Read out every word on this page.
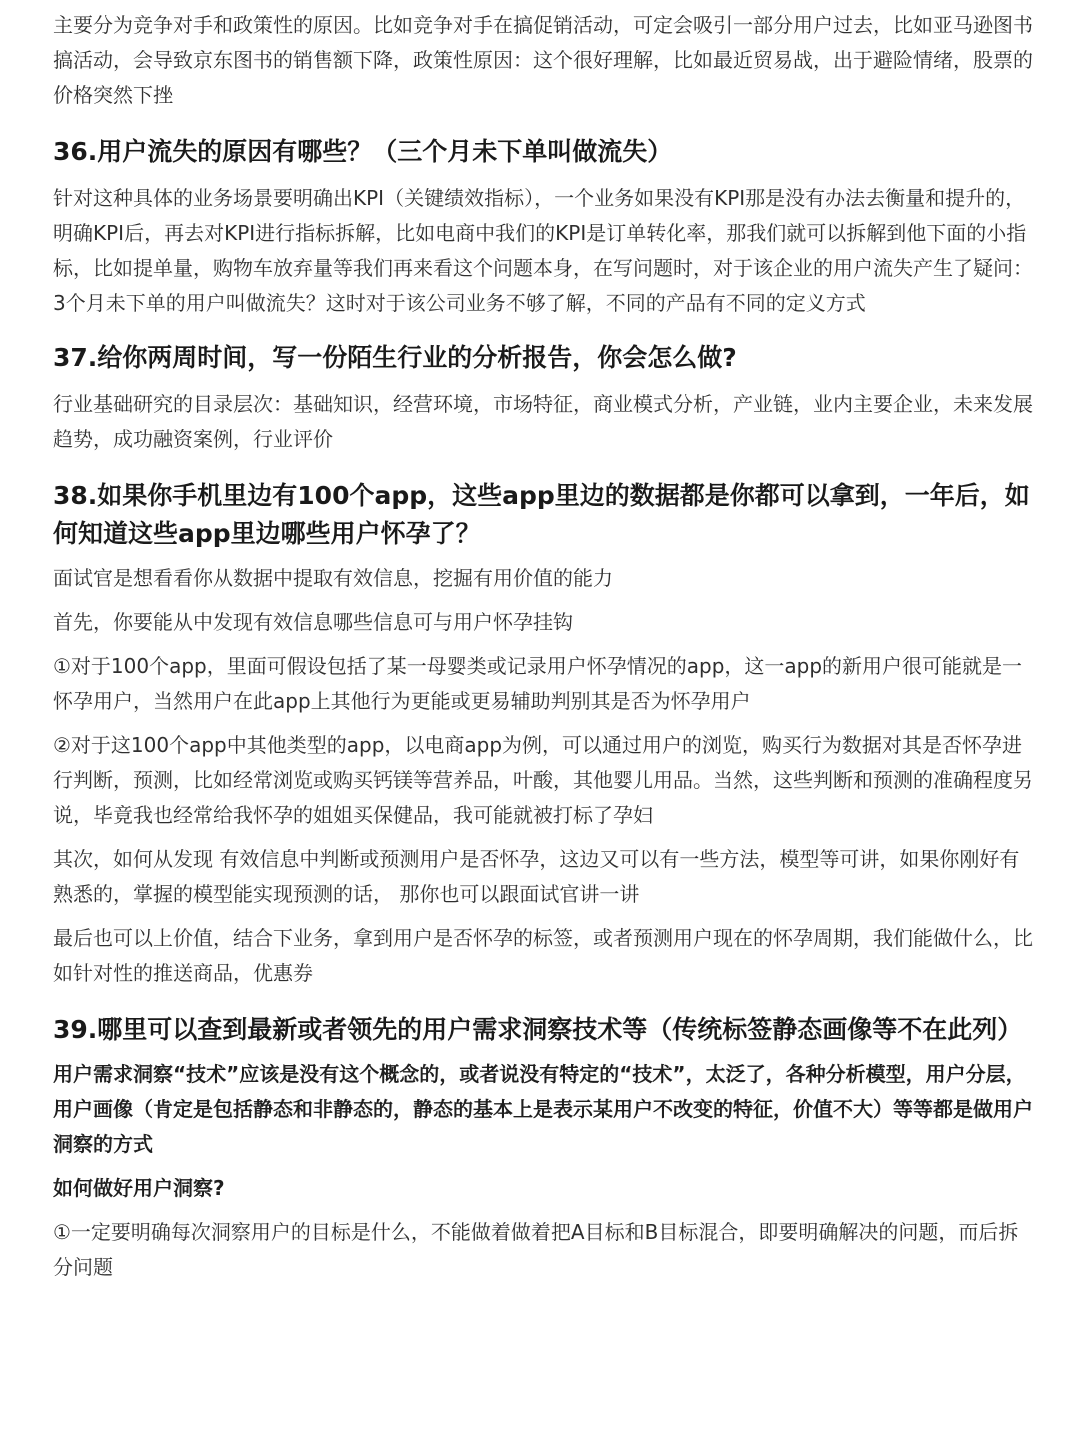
主要分为竞争对手和政策性的原因。比如竞争对手在搞促销活动，可定会吸引一部分用户过去，比如亚马逊图书搞活动，会导致京东图书的销售额下降，政策性原因：这个很好理解，比如最近贸易战，出于避险情绪，股票的价格突然下挫

36.用户流失的原因有哪些？（三个月未下单叫做流失）

针对这种具体的业务场景要明确出KPI（关键绩效指标），一个业务如果没有KPI那是没有办法去衡量和提升的，明确KPI后，再去对KPI进行指标拆解，比如电商中我们的KPI是订单转化率，那我们就可以拆解到他下面的小指标，比如提单量，购物车放弃量等我们再来看这个问题本身，在写问题时，对于该企业的用户流失产生了疑问：3个月未下单的用户叫做流失？这时对于该公司业务不够了解，不同的产品有不同的定义方式

37.给你两周时间，写一份陌生行业的分析报告，你会怎么做?

行业基础研究的目录层次：基础知识，经营环境，市场特征，商业模式分析，产业链，业内主要企业，未来发展趋势，成功融资案例，行业评价

38.如果你手机里边有100个app，这些app里边的数据都是你都可以拿到，一年后，如何知道这些app里边哪些用户怀孕了？

面试官是想看看你从数据中提取有效信息，挖掘有用价值的能力

首先，你要能从中发现有效信息哪些信息可与用户怀孕挂钩

①对于100个app，里面可假设包括了某一母婴类或记录用户怀孕情况的app，这一app的新用户很可能就是一怀孕用户，当然用户在此app上其他行为更能或更易辅助判别其是否为怀孕用户

②对于这100个app中其他类型的app，以电商app为例，可以通过用户的浏览，购买行为数据对其是否怀孕进行判断，预测，比如经常浏览或购买钙镁等营养品，叶酸，其他婴儿用品。当然，这些判断和预测的准确程度另说，毕竟我也经常给我怀孕的姐姐买保健品，我可能就被打标了孕妇

其次，如何从发现 有效信息中判断或预测用户是否怀孕，这边又可以有一些方法，模型等可讲，如果你刚好有熟悉的，掌握的模型能实现预测的话， 那你也可以跟面试官讲一讲

最后也可以上价值，结合下业务，拿到用户是否怀孕的标签，或者预测用户现在的怀孕周期，我们能做什么，比如针对性的推送商品，优惠券

39.哪里可以查到最新或者领先的用户需求洞察技术等（传统标签静态画像等不在此列）

用户需求洞察“技术”应该是没有这个概念的，或者说没有特定的“技术”，太泛了，各种分析模型，用户分层，用户画像（肯定是包括静态和非静态的，静态的基本上是表示某用户不改变的特征，价值不大）等等都是做用户洞察的方式

如何做好用户洞察?

①一定要明确每次洞察用户的目标是什么，不能做着做着把A目标和B目标混合，即要明确解决的问题，而后拆分问题
